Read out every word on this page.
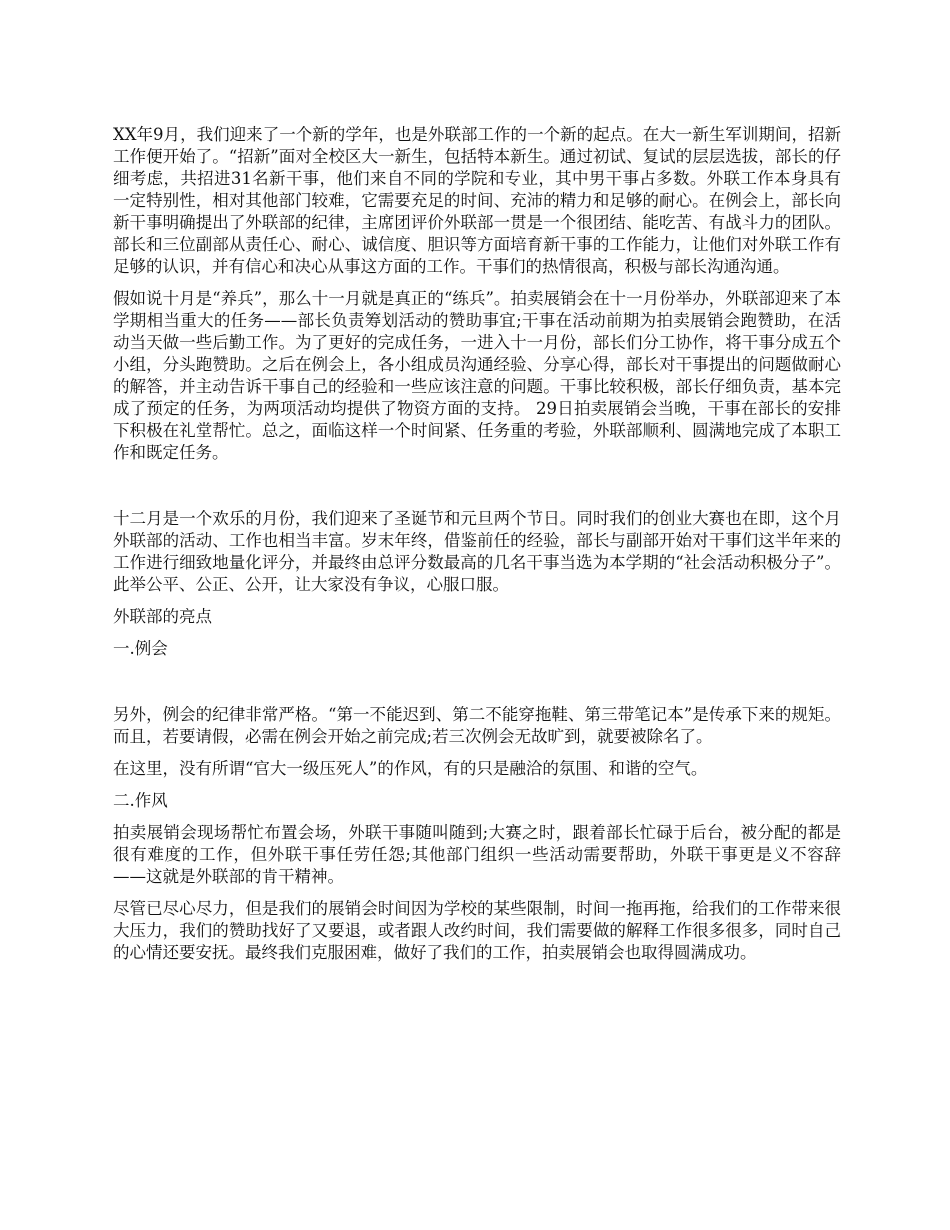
XX年9月，我们迎来了一个新的学年，也是外联部工作的一个新的起点。在大一新生军训期间，招新工作便开始了。“招新”面对全校区大一新生，包括特本新生。通过初试、复试的层层选拔，部长的仔细考虑，共招进31名新干事，他们来自不同的学院和专业，其中男干事占多数。外联工作本身具有一定特别性，相对其他部门较难，它需要充足的时间、充沛的精力和足够的耐心。在例会上，部长向新干事明确提出了外联部的纪律，主席团评价外联部一贯是一个很团结、能吃苦、有战斗力的团队。部长和三位副部从责任心、耐心、诚信度、胆识等方面培育新干事的工作能力，让他们对外联工作有足够的认识，并有信心和决心从事这方面的工作。干事们的热情很高，积极与部长沟通沟通。

假如说十月是“养兵”，那么十一月就是真正的“练兵”。拍卖展销会在十一月份举办，外联部迎来了本学期相当重大的任务——部长负责筹划活动的赞助事宜;干事在活动前期为拍卖展销会跑赞助，在活动当天做一些后勤工作。为了更好的完成任务，一进入十一月份，部长们分工协作，将干事分成五个小组，分头跑赞助。之后在例会上，各小组成员沟通经验、分享心得，部长对干事提出的问题做耐心的解答，并主动告诉干事自己的经验和一些应该注意的问题。干事比较积极，部长仔细负责，基本完成了预定的任务，为两项活动均提供了物资方面的支持。 29日拍卖展销会当晚，干事在部长的安排下积极在礼堂帮忙。总之，面临这样一个时间紧、任务重的考验，外联部顺利、圆满地完成了本职工作和既定任务。

十二月是一个欢乐的月份，我们迎来了圣诞节和元旦两个节日。同时我们的创业大赛也在即，这个月外联部的活动、工作也相当丰富。岁末年终，借鉴前任的经验，部长与副部开始对干事们这半年来的工作进行细致地量化评分，并最终由总评分数最高的几名干事当选为本学期的“社会活动积极分子”。此举公平、公正、公开，让大家没有争议，心服口服。

外联部的亮点

一.例会

另外，例会的纪律非常严格。“第一不能迟到、第二不能穿拖鞋、第三带笔记本”是传承下来的规矩。而且，若要请假，必需在例会开始之前完成;若三次例会无故旷到，就要被除名了。

在这里，没有所谓“官大一级压死人”的作风，有的只是融洽的氛围、和谐的空气。

二.作风

拍卖展销会现场帮忙布置会场，外联干事随叫随到;大赛之时，跟着部长忙碌于后台，被分配的都是很有难度的工作，但外联干事任劳任怨;其他部门组织一些活动需要帮助，外联干事更是义不容辞——这就是外联部的肯干精神。

尽管已尽心尽力，但是我们的展销会时间因为学校的某些限制，时间一拖再拖，给我们的工作带来很大压力，我们的赞助找好了又要退，或者跟人改约时间，我们需要做的解释工作很多很多，同时自己的心情还要安抚。最终我们克服困难，做好了我们的工作，拍卖展销会也取得圆满成功。
